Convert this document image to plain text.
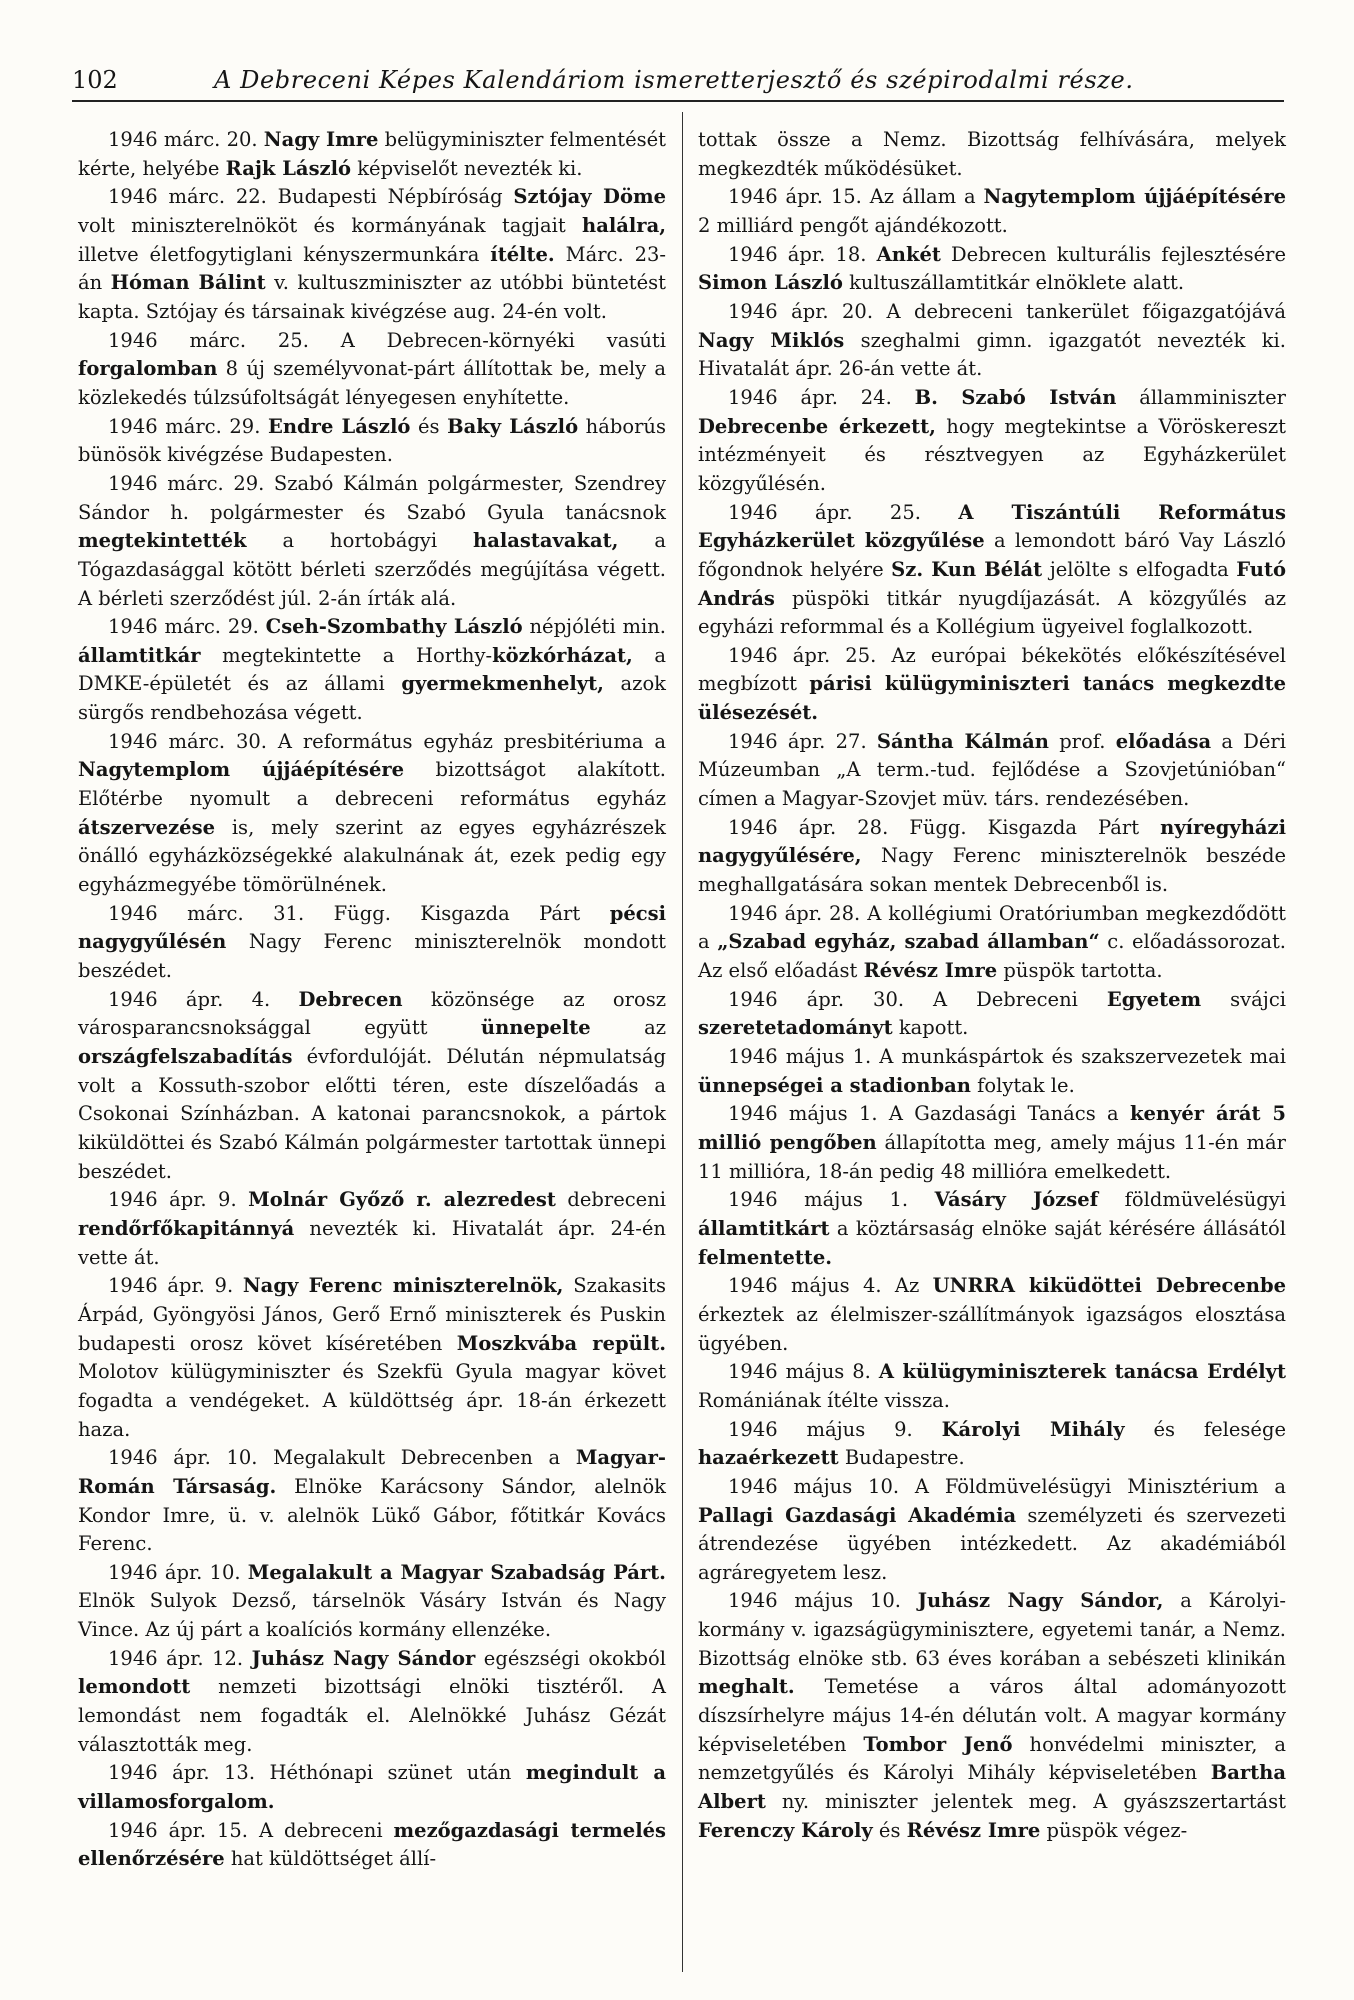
102	A Debreceni Képes Kalendáriom ismeretterjesztő és szépirodalmi része.

1946 márc. 20. Nagy Imre belügyminiszter felmentését kérte, helyébe Rajk László képviselőt nevezték ki.

1946 márc. 22. Budapesti Népbíróság Sztójay Döme volt miniszterelnököt és kormányának tagjait halálra, illetve életfogytiglani kényszermunkára ítélte. Márc. 23-án Hóman Bálint v. kultuszminiszter az utóbbi büntetést kapta. Sztójay és társainak kivégzése aug. 24-én volt.

1946 márc. 25. A Debrecen-környéki vasúti forgalomban 8 új személyvonat-párt állítottak be, mely a közlekedés túlzsúfoltságát lényegesen enyhítette.

1946 márc. 29. Endre László és Baky László háborús bünösök kivégzése Budapesten.

1946 márc. 29. Szabó Kálmán polgármester, Szendrey Sándor h. polgármester és Szabó Gyula tanácsnok megtekintették a hortobágyi halastavakat, a Tógazdasággal kötött bérleti szerződés megújítása végett. A bérleti szerződést júl. 2-án írták alá.

1946 márc. 29. Cseh-Szombathy László népjóléti min. államtitkár megtekintette a Horthy-közkórházat, a DMKE-épületét és az állami gyermekmenhelyt, azok sürgős rendbehozása végett.

1946 márc. 30. A református egyház presbitériuma a Nagytemplom újjáépítésére bizottságot alakított. Előtérbe nyomult a debreceni református egyház átszervezése is, mely szerint az egyes egyházrészek önálló egyházközségekké alakulnának át, ezek pedig egy egyházmegyébe tömörülnének.

1946 márc. 31. Függ. Kisgazda Párt pécsi nagygyűlésén Nagy Ferenc miniszterelnök mondott beszédet.

1946 ápr. 4. Debrecen közönsége az orosz városparancsnoksággal együtt ünnepelte az országfelszabadítás évfordulóját. Délután népmulatság volt a Kossuth-szobor előtti téren, este díszelőadás a Csokonai Színházban. A katonai parancsnokok, a pártok kiküldöttei és Szabó Kálmán polgármester tartottak ünnepi beszédet.

1946 ápr. 9. Molnár Győző r. alezredest debreceni rendőrfőkapitánnyá nevezték ki. Hivatalát ápr. 24-én vette át.

1946 ápr. 9. Nagy Ferenc miniszterelnök, Szakasits Árpád, Gyöngyösi János, Gerő Ernő miniszterek és Puskin budapesti orosz követ kíséretében Moszkvába repült. Molotov külügyminiszter és Szekfü Gyula magyar követ fogadta a vendégeket. A küldöttség ápr. 18-án érkezett haza.

1946 ápr. 10. Megalakult Debrecenben a Magyar-Román Társaság. Elnöke Karácsony Sándor, alelnök Kondor Imre, ü. v. alelnök Lükő Gábor, főtitkár Kovács Ferenc.

1946 ápr. 10. Megalakult a Magyar Szabadság Párt. Elnök Sulyok Dezső, társelnök Vásáry István és Nagy Vince. Az új párt a koalíciós kormány ellenzéke.

1946 ápr. 12. Juhász Nagy Sándor egészségi okokból lemondott nemzeti bizottsági elnöki tisztéről. A lemondást nem fogadták el. Alelnökké Juhász Gézát választották meg.

1946 ápr. 13. Héthónapi szünet után megindult a villamosforgalom.

1946 ápr. 15. A debreceni mezőgazdasági termelés ellenőrzésére hat küldöttséget állí-

tottak össze a Nemz. Bizottság felhívására, melyek megkezdték működésüket.

1946 ápr. 15. Az állam a Nagytemplom újjáépítésére 2 milliárd pengőt ajándékozott.

1946 ápr. 18. Ankét Debrecen kulturális fejlesztésére Simon László kultuszállamtitkár elnöklete alatt.

1946 ápr. 20. A debreceni tankerület főigazgatójává Nagy Miklós szeghalmi gimn. igazgatót nevezték ki. Hivatalát ápr. 26-án vette át.

1946 ápr. 24. B. Szabó István államminiszter Debrecenbe érkezett, hogy megtekintse a Vöröskereszt intézményeit és résztvegyen az Egyházkerület közgyűlésén.

1946 ápr. 25. A Tiszántúli Református Egyházkerület közgyűlése a lemondott báró Vay László főgondnok helyére Sz. Kun Bélát jelölte s elfogadta Futó András püspöki titkár nyugdíjazását. A közgyűlés az egyházi reformmal és a Kollégium ügyeivel foglalkozott.

1946 ápr. 25. Az európai békekötés előkészítésével megbízott párisi külügyminiszteri tanács megkezdte ülésezését.

1946 ápr. 27. Sántha Kálmán prof. előadása a Déri Múzeumban „A term.-tud. fejlődése a Szovjetúnióban“ címen a Magyar-Szovjet müv. társ. rendezésében.

1946 ápr. 28. Függ. Kisgazda Párt nyíregyházi nagygyűlésére, Nagy Ferenc miniszterelnök beszéde meghallgatására sokan mentek Debrecenből is.

1946 ápr. 28. A kollégiumi Oratóriumban megkezdődött a „Szabad egyház, szabad államban“ c. előadássorozat. Az első előadást Révész Imre püspök tartotta.

1946 ápr. 30. A Debreceni Egyetem svájci szeretetadományt kapott.

1946 május 1. A munkáspártok és szakszervezetek mai ünnepségei a stadionban folytak le.

1946 május 1. A Gazdasági Tanács a kenyér árát 5 millió pengőben állapította meg, amely május 11-én már 11 millióra, 18-án pedig 48 millióra emelkedett.

1946 május 1. Vásáry József földmüvelésügyi államtitkárt a köztársaság elnöke saját kérésére állásától felmentette.

1946 május 4. Az UNRRA kiküdöttei Debrecenbe érkeztek az élelmiszer-szállítmányok igazságos elosztása ügyében.

1946 május 8. A külügyminiszterek tanácsa Erdélyt Romániának ítélte vissza.

1946 május 9. Károlyi Mihály és felesége hazaérkezett Budapestre.

1946 május 10. A Földmüvelésügyi Minisztérium a Pallagi Gazdasági Akadémia személyzeti és szervezeti átrendezése ügyében intézkedett. Az akadémiából agráregyetem lesz.

1946 május 10. Juhász Nagy Sándor, a Károlyi-kormány v. igazságügyminisztere, egyetemi tanár, a Nemz. Bizottság elnöke stb. 63 éves korában a sebészeti klinikán meghalt. Temetése a város által adományozott díszsírhelyre május 14-én délután volt. A magyar kormány képviseletében Tombor Jenő honvédelmi miniszter, a nemzetgyűlés és Károlyi Mihály képviseletében Bartha Albert ny. miniszter jelentek meg. A gyászszertartást Ferenczy Károly és Révész Imre püspök végez-
